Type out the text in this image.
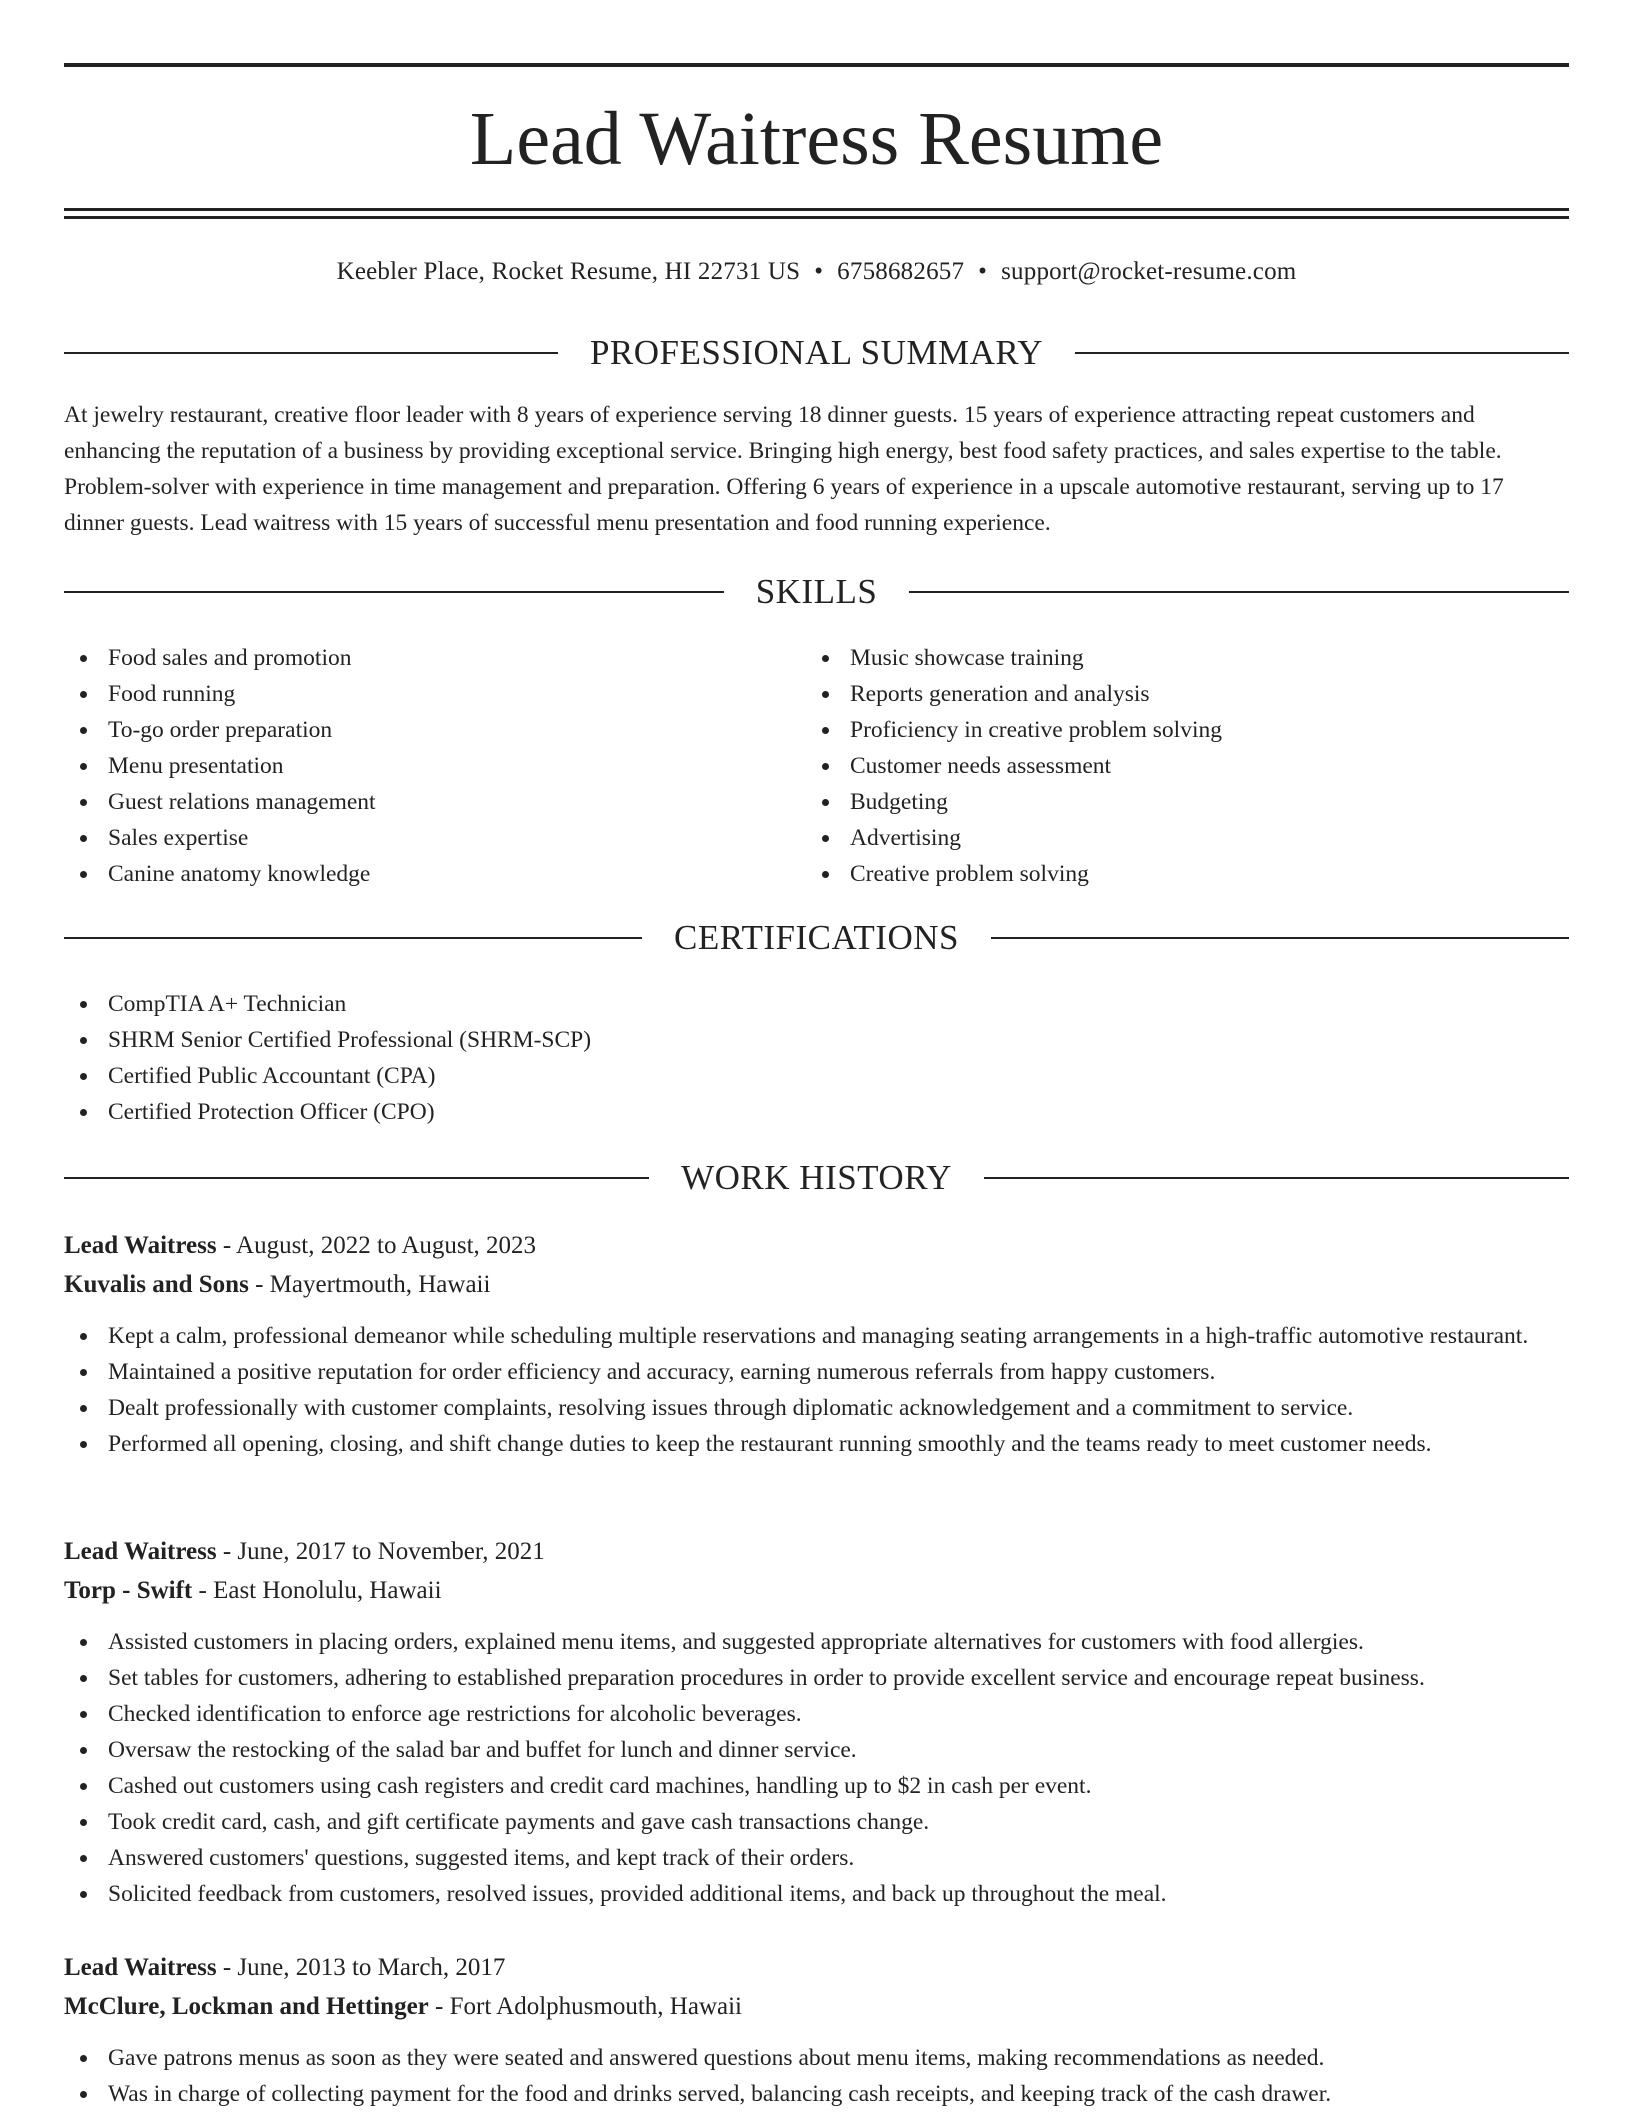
Lead Waitress Resume
Keebler Place, Rocket Resume, HI 22731 US • 6758682657 • support@rocket-resume.com
PROFESSIONAL SUMMARY

At jewelry restaurant, creative floor leader with 8 years of experience serving 18 dinner guests. 15 years of experience attracting repeat customers and enhancing the reputation of a business by providing exceptional service. Bringing high energy, best food safety practices, and sales expertise to the table. Problem-solver with experience in time management and preparation. Offering 6 years of experience in a upscale automotive restaurant, serving up to 17 dinner guests. Lead waitress with 15 years of successful menu presentation and food running experience.

SKILLS
Food sales and promotion
Food running
To-go order preparation
Menu presentation
Guest relations management
Sales expertise
Canine anatomy knowledge
Music showcase training
Reports generation and analysis
Proficiency in creative problem solving
Customer needs assessment
Budgeting
Advertising
Creative problem solving
CERTIFICATIONS
CompTIA A+ Technician
SHRM Senior Certified Professional (SHRM-SCP)
Certified Public Accountant (CPA)
Certified Protection Officer (CPO)
WORK HISTORY
Lead Waitress - August, 2022 to August, 2023
Kuvalis and Sons - Mayertmouth, Hawaii
Kept a calm, professional demeanor while scheduling multiple reservations and managing seating arrangements in a high-traffic automotive restaurant.
Maintained a positive reputation for order efficiency and accuracy, earning numerous referrals from happy customers.
Dealt professionally with customer complaints, resolving issues through diplomatic acknowledgement and a commitment to service.
Performed all opening, closing, and shift change duties to keep the restaurant running smoothly and the teams ready to meet customer needs.
Lead Waitress - June, 2017 to November, 2021
Torp - Swift - East Honolulu, Hawaii
Assisted customers in placing orders, explained menu items, and suggested appropriate alternatives for customers with food allergies.
Set tables for customers, adhering to established preparation procedures in order to provide excellent service and encourage repeat business.
Checked identification to enforce age restrictions for alcoholic beverages.
Oversaw the restocking of the salad bar and buffet for lunch and dinner service.
Cashed out customers using cash registers and credit card machines, handling up to $2 in cash per event.
Took credit card, cash, and gift certificate payments and gave cash transactions change.
Answered customers' questions, suggested items, and kept track of their orders.
Solicited feedback from customers, resolved issues, provided additional items, and back up throughout the meal.
Lead Waitress - June, 2013 to March, 2017
McClure, Lockman and Hettinger - Fort Adolphusmouth, Hawaii
Gave patrons menus as soon as they were seated and answered questions about menu items, making recommendations as needed.
Was in charge of collecting payment for the food and drinks served, balancing cash receipts, and keeping track of the cash drawer.
